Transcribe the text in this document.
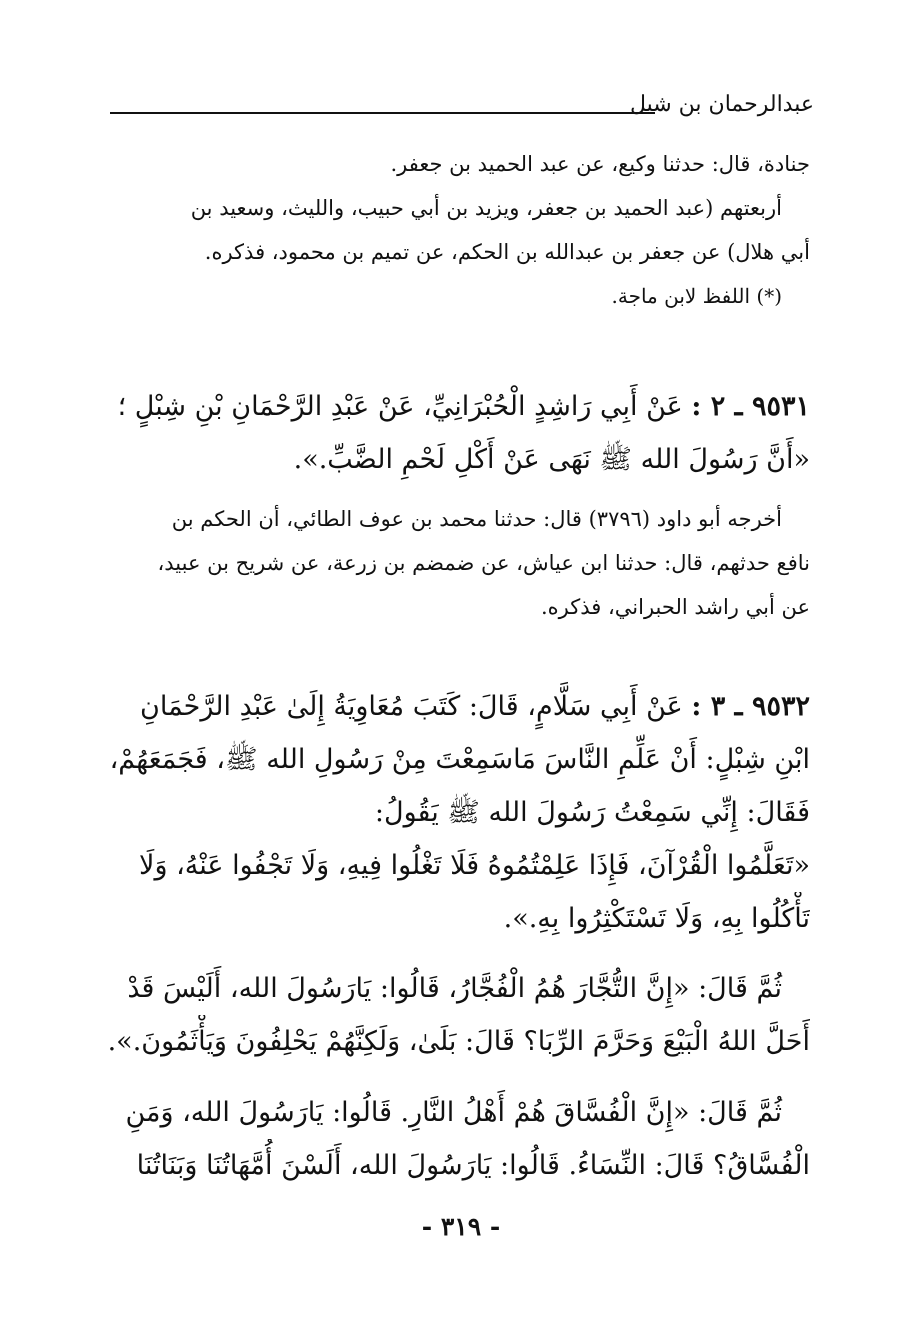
عبدالرحمان بن شبل
جنادة، قال: حدثنا وكيع، عن عبد الحميد بن جعفر.
أربعتهم (عبد الحميد بن جعفر، ويزيد بن أبي حبيب، والليث، وسعيد بن
أبي هلال) عن جعفر بن عبدالله بن الحكم، عن تميم بن محمود، فذكره.
(*) اللفظ لابن ماجة.
٩٥٣١ ـ ٢ : عَنْ أَبِي رَاشِدٍ الْحُبْرَانِيِّ، عَنْ عَبْدِ الرَّحْمَانِ بْنِ شِبْلٍ ؛
«أَنَّ رَسُولَ الله ﷺ نَهَى عَنْ أَكْلِ لَحْمِ الضَّبِّ.».
أخرجه أبو داود (٣٧٩٦) قال: حدثنا محمد بن عوف الطائي، أن الحكم بن
نافع حدثهم، قال: حدثنا ابن عياش، عن ضمضم بن زرعة، عن شريح بن عبيد،
عن أبي راشد الحبراني، فذكره.
٩٥٣٢ ـ ٣ : عَنْ أَبِي سَلَّامٍ، قَالَ: كَتَبَ مُعَاوِيَةُ إِلَىٰ عَبْدِ الرَّحْمَانِ
ابْنِ شِبْلٍ: أَنْ عَلِّمِ النَّاسَ مَاسَمِعْتَ مِنْ رَسُولِ الله ﷺ، فَجَمَعَهُمْ،
فَقَالَ: إِنِّي سَمِعْتُ رَسُولَ الله ﷺ يَقُولُ:
«تَعَلَّمُوا الْقُرْآنَ، فَإِذَا عَلِمْتُمُوهُ فَلَا تَغْلُوا فِيهِ، وَلَا تَجْفُوا عَنْهُ، وَلَا
تَأْكُلُوا بِهِ، وَلَا تَسْتَكْثِرُوا بِهِ.».
ثُمَّ قَالَ: «إِنَّ التُّجَّارَ هُمُ الْفُجَّارُ، قَالُوا: يَارَسُولَ الله، أَلَيْسَ قَدْ
أَحَلَّ اللهُ الْبَيْعَ وَحَرَّمَ الرِّبَا؟ قَالَ: بَلَىٰ، وَلَكِنَّهُمْ يَحْلِفُونَ وَيَأْثَمُونَ.».
ثُمَّ قَالَ: «إِنَّ الْفُسَّاقَ هُمْ أَهْلُ النَّارِ. قَالُوا: يَارَسُولَ الله، وَمَنِ
الْفُسَّاقُ؟ قَالَ: النِّسَاءُ. قَالُوا: يَارَسُولَ الله، أَلَسْنَ أُمَّهَاتُنَا وَبَنَاتُنَا
- ٣١٩ -
